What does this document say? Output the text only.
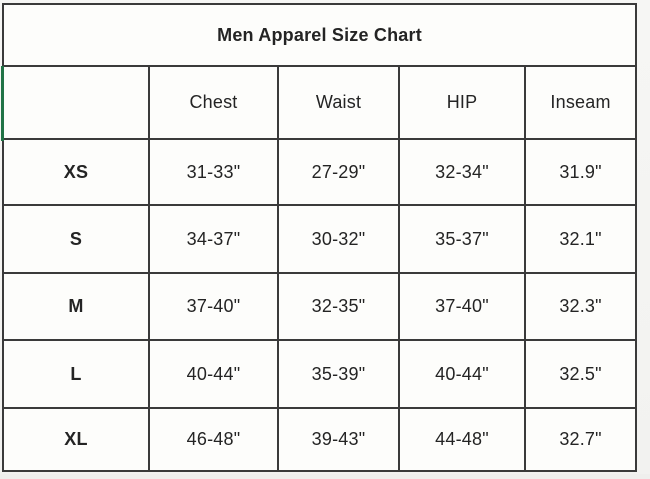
Men Apparel Size Chart				
	Chest	Waist	HIP	Inseam
XS	31-33"	27-29"	32-34"	31.9"
S	34-37"	30-32"	35-37"	32.1"
M	37-40"	32-35"	37-40"	32.3"
L	40-44"	35-39"	40-44"	32.5"
XL	46-48"	39-43"	44-48"	32.7"
